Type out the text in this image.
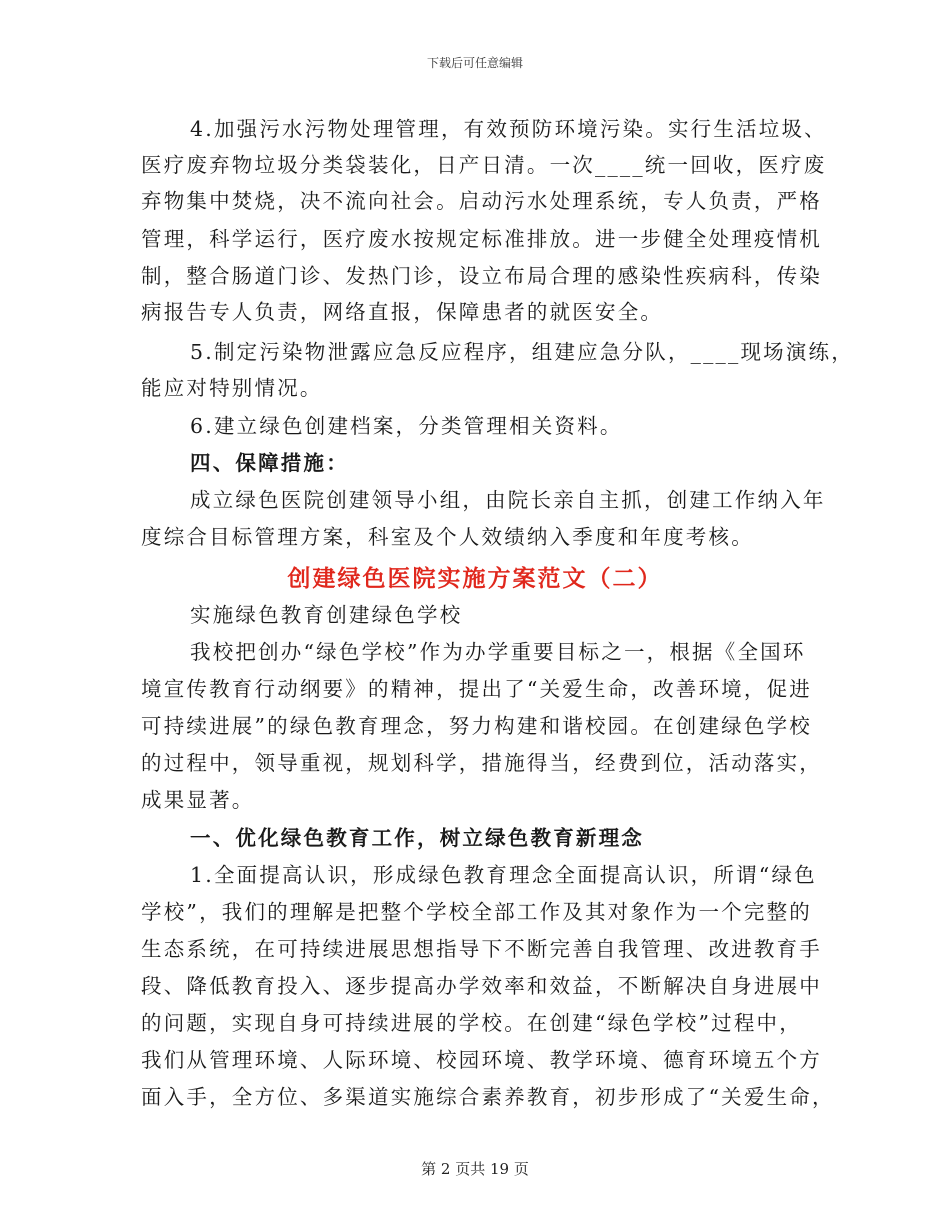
下载后可任意编辑
4.加强污水污物处理管理，有效预防环境污染。实行生活垃圾、
医疗废弃物垃圾分类袋装化，日产日清。一次____统一回收，医疗废
弃物集中焚烧，决不流向社会。启动污水处理系统，专人负责，严格
管理，科学运行，医疗废水按规定标准排放。进一步健全处理疫情机
制，整合肠道门诊、发热门诊，设立布局合理的感染性疾病科，传染
病报告专人负责，网络直报，保障患者的就医安全。
5.制定污染物泄露应急反应程序，组建应急分队，____现场演练，
能应对特别情况。
6.建立绿色创建档案，分类管理相关资料。
四、保障措施：
成立绿色医院创建领导小组，由院长亲自主抓，创建工作纳入年
度综合目标管理方案，科室及个人效绩纳入季度和年度考核。
创建绿色医院实施方案范文（二）
实施绿色教育创建绿色学校
我校把创办“绿色学校”作为办学重要目标之一，根据《全国环
境宣传教育行动纲要》的精神，提出了“关爱生命，改善环境，促进
可持续进展”的绿色教育理念，努力构建和谐校园。在创建绿色学校
的过程中，领导重视，规划科学，措施得当，经费到位，活动落实，
成果显著。
一、优化绿色教育工作，树立绿色教育新理念
1.全面提高认识，形成绿色教育理念全面提高认识，所谓“绿色
学校”，我们的理解是把整个学校全部工作及其对象作为一个完整的
生态系统，在可持续进展思想指导下不断完善自我管理、改进教育手
段、降低教育投入、逐步提高办学效率和效益，不断解决自身进展中
的问题，实现自身可持续进展的学校。在创建“绿色学校”过程中，
我们从管理环境、人际环境、校园环境、教学环境、德育环境五个方
面入手，全方位、多渠道实施综合素养教育，初步形成了“关爱生命，
第 2 页共 19 页
